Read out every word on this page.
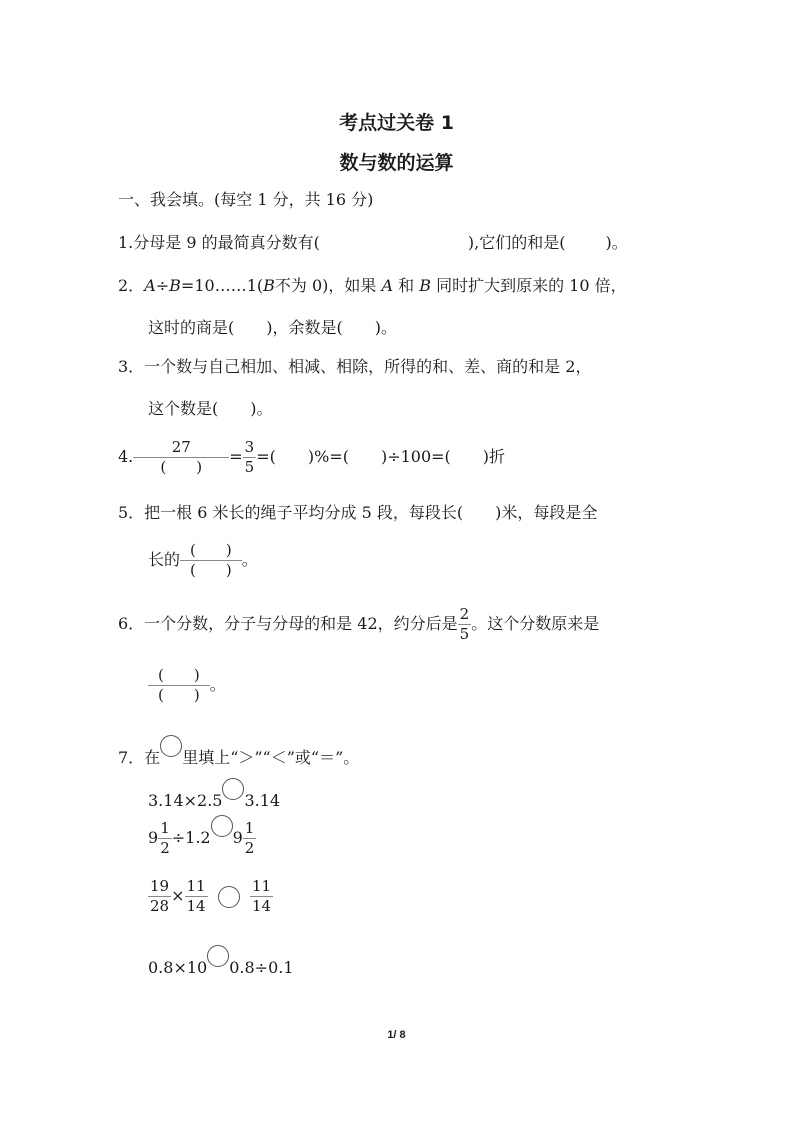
考点过关卷 1
数与数的运算
一、我会填。(每空 1 分，共 16 分)
1.分母是 9 的最简真分数有(	),它们的和是(	)。
2．A÷B=10……1(B不为 0)，如果 A 和 B 同时扩大到原来的 10 倍，
这时的商是( )，余数是( )。
3．一个数与自己相加、相减、相除，所得的和、差、商的和是 2，
这个数是( )。
4. $\frac{27}{( )} = \frac{3}{5}$ =(　　)%=(　　)÷100=(　　)折
5．把一根 6 米长的绳子平均分成 5 段，每段长(　　)米，每段是全
长的 $\frac{( )}{( )}$ 。
6．一个分数，分子与分母的和是 42，约分后是 $\frac{2}{5}$ 。这个分数原来是
$\frac{( )}{( )}$ 。
7．在 里填上“＞”“＜”或“＝”。
3.14×2.5 3.14
$9 \frac{1}{2} \div 1.2$ $9 \frac{1}{2}$
$\frac{19}{28} \times \frac{11}{14}$
	$\frac{11}{14}$
0.8×10 0.8÷0.1
1/ 8
